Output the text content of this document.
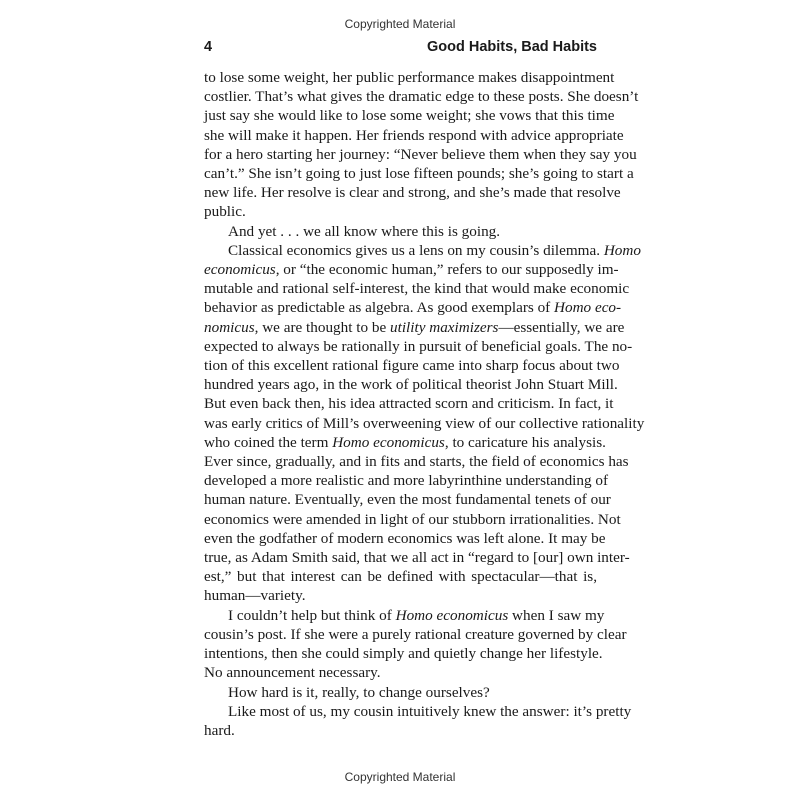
Copyrighted Material
4	Good Habits, Bad Habits
to lose some weight, her public performance makes disappointment
costlier. That’s what gives the dramatic edge to these posts. She doesn’t
just say she would like to lose some weight; she vows that this time
she will make it happen. Her friends respond with advice appropriate
for a hero starting her journey: “Never believe them when they say you
can’t.” She isn’t going to just lose fifteen pounds; she’s going to start a
new life. Her resolve is clear and strong, and she’s made that resolve
public.
And yet . . . we all know where this is going.
Classical economics gives us a lens on my cousin’s dilemma. Homo
economicus, or “the economic human,” refers to our supposedly im-
mutable and rational self-interest, the kind that would make economic
behavior as predictable as algebra. As good exemplars of Homo eco-
nomicus, we are thought to be utility maximizers—essentially, we are
expected to always be rationally in pursuit of beneficial goals. The no-
tion of this excellent rational figure came into sharp focus about two
hundred years ago, in the work of political theorist John Stuart Mill.
But even back then, his idea attracted scorn and criticism. In fact, it
was early critics of Mill’s overweening view of our collective rationality
who coined the term Homo economicus, to caricature his analysis.
Ever since, gradually, and in fits and starts, the field of economics has
developed a more realistic and more labyrinthine understanding of
human nature. Eventually, even the most fundamental tenets of our
economics were amended in light of our stubborn irrationalities. Not
even the godfather of modern economics was left alone. It may be
true, as Adam Smith said, that we all act in “regard to [our] own inter-
est,” but that interest can be defined with spectacular—that is,
human—variety.
I couldn’t help but think of Homo economicus when I saw my
cousin’s post. If she were a purely rational creature governed by clear
intentions, then she could simply and quietly change her lifestyle.
No announcement necessary.
How hard is it, really, to change ourselves?
Like most of us, my cousin intuitively knew the answer: it’s pretty
hard.
Copyrighted Material
